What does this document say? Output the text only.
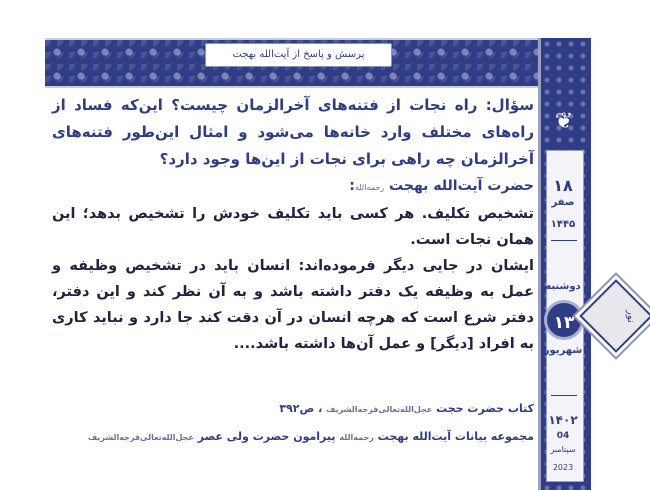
پرسش و پاسخ از آیت‌الله بهجت
❦
۱۸
صفر
۱۴۴۵
دوشنبه
۱۳
شهریور
۱۴۰۲
04
سپتامبر
2023
نور

سؤال: راه نجات از فتنه‌های آخرالزمان چیست؟ این‌که فساد از راه‌های مختلف وارد خانه‌ها می‌شود و امثال این‌طور فتنه‌های آخرالزمان چه راهی برای نجات از این‌ها وجود دارد؟

حضرت آیت‌الله بهجت رحمه‌الله:

تشخیص تکلیف. هر کسی باید تکلیف خودش را تشخیص بدهد؛ این همان نجات است.

ایشان در جایی دیگر فرموده‌اند: انسان باید در تشخیص وظیفه و عمل به وظیفه یک دفتر داشته باشد و به آن نظر کند و این دفتر، دفتر شرع است که هرچه انسان در آن دقت کند جا دارد و نباید کاری به افراد [دیگر] و عمل آن‌ها داشته باشد....

کتاب حضرت حجت عجل‌الله‌تعالی‌فرجه‌الشریف ، ص۳۹۲
مجموعه بیانات آیت‌الله بهجت رحمه‌الله پیرامون حضرت ولی عصر عجل‌الله‌تعالی‌فرجه‌الشریف
